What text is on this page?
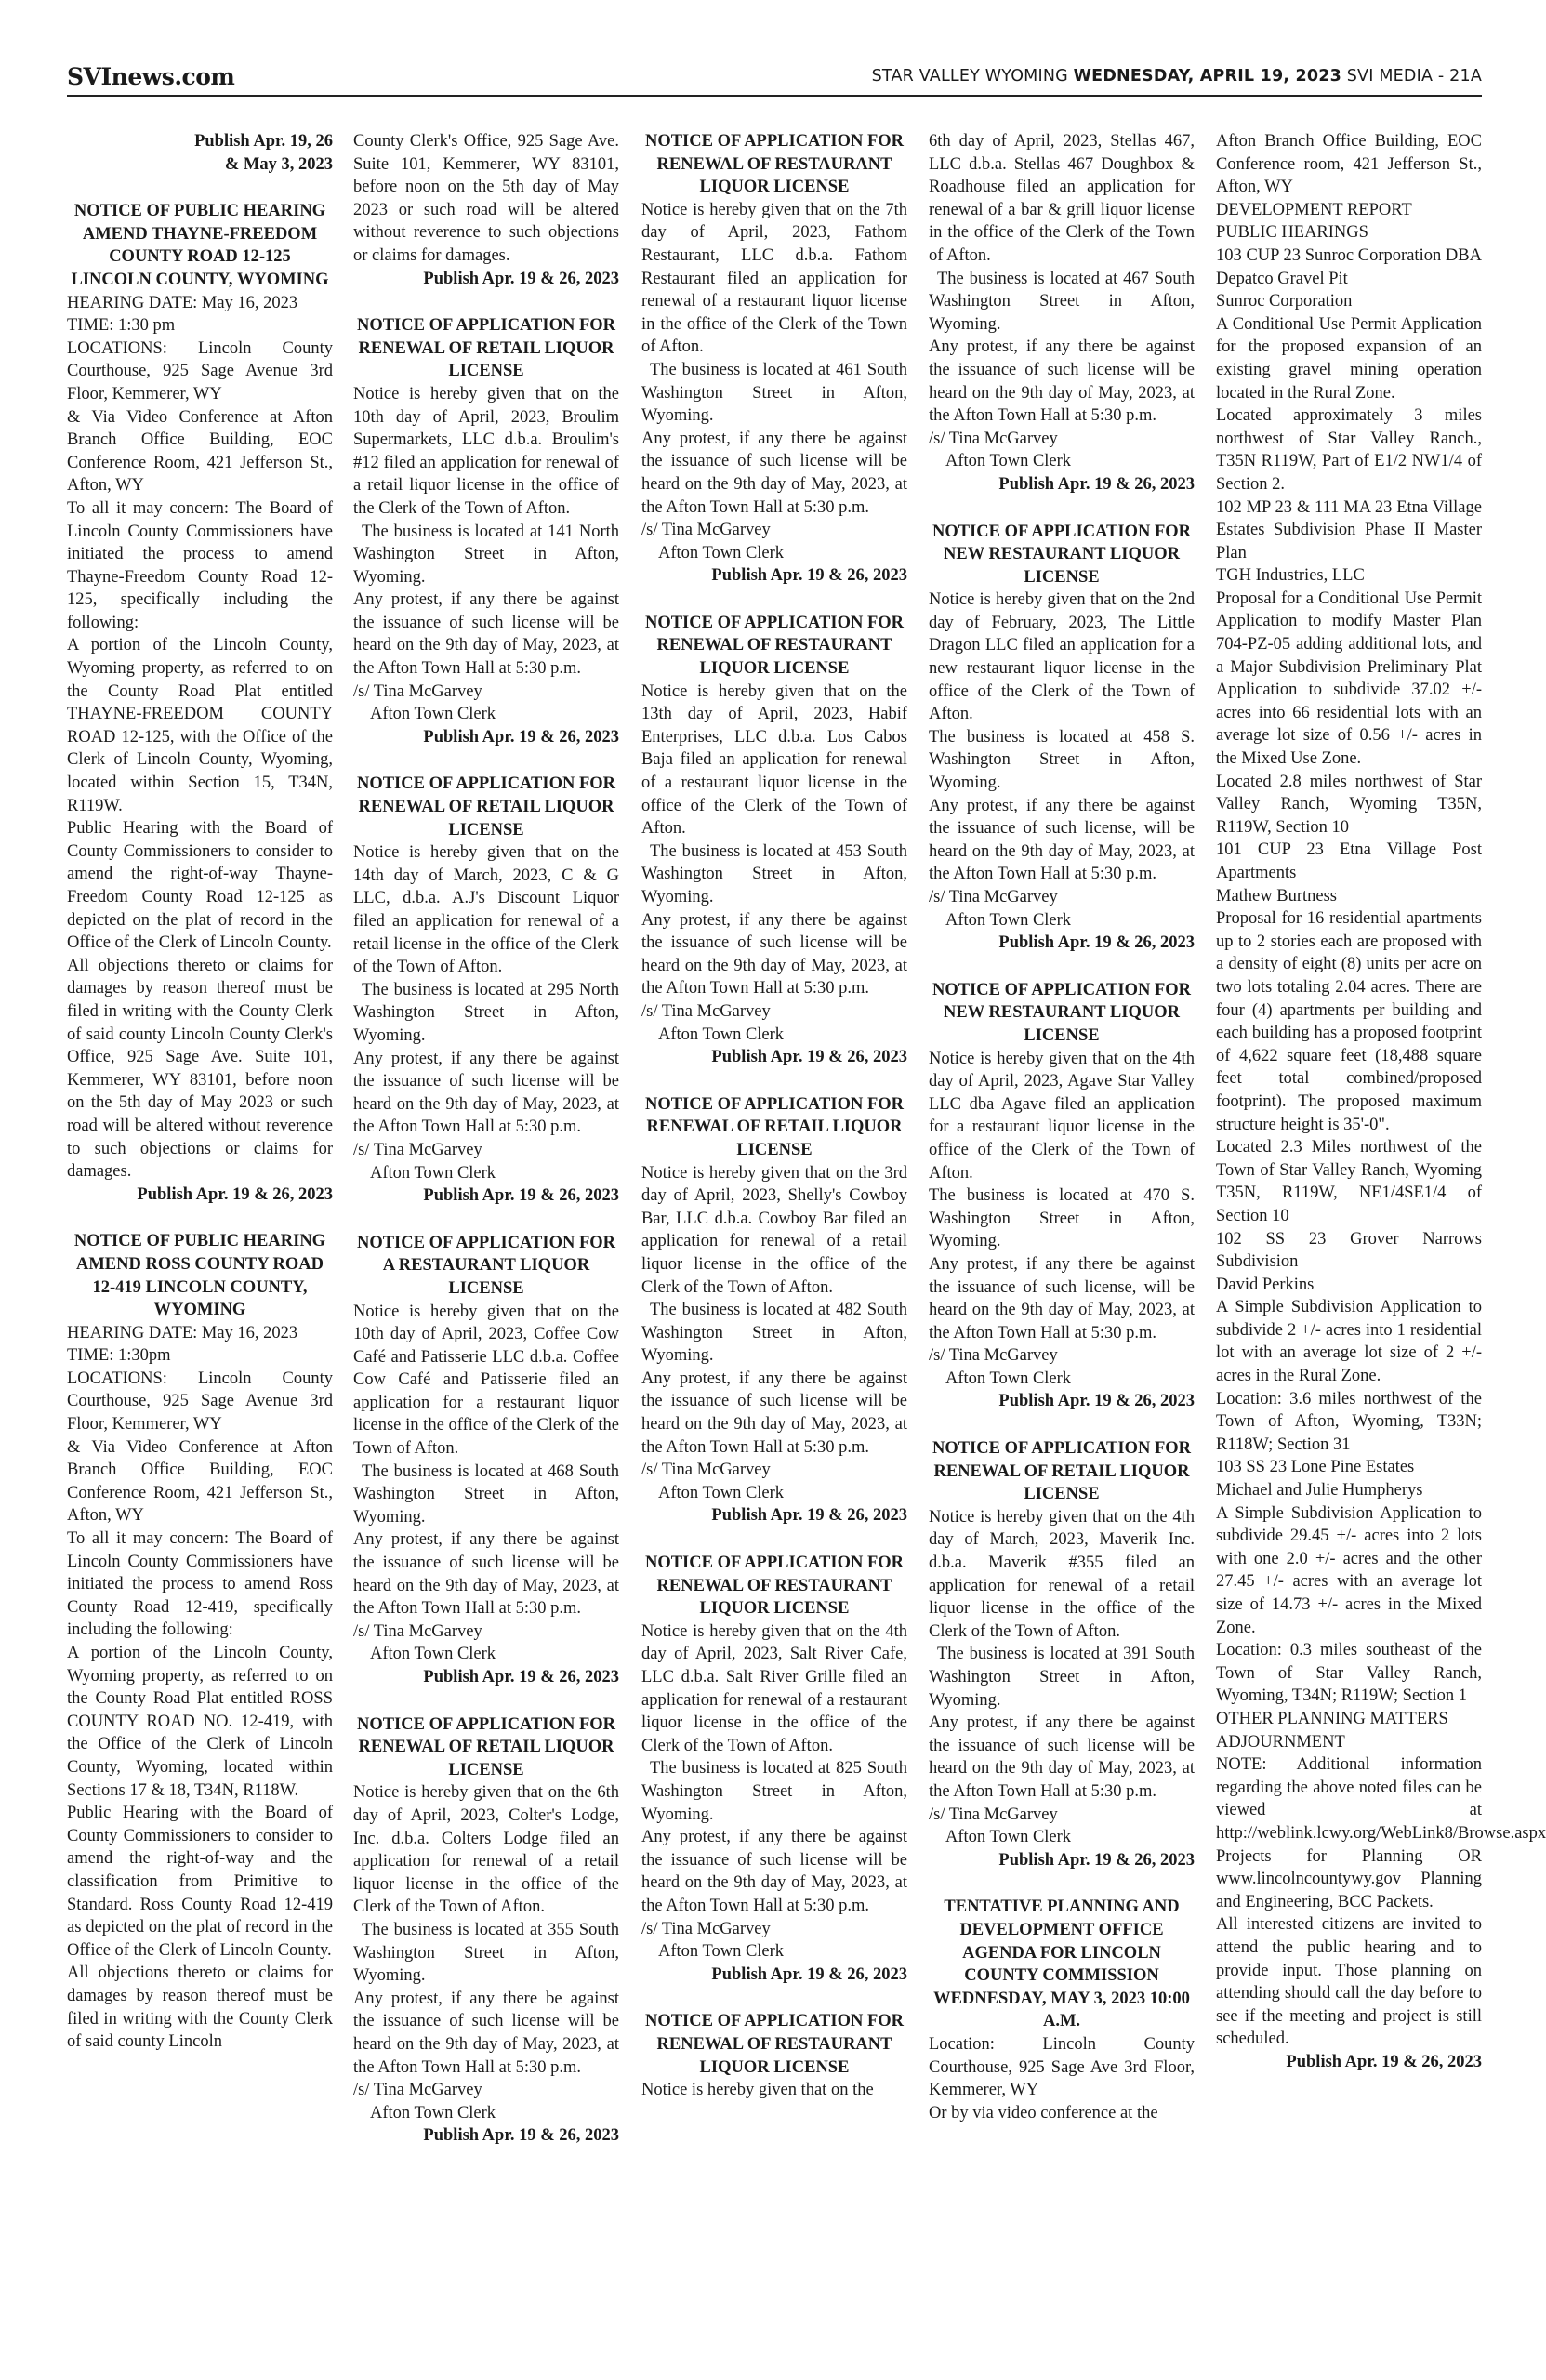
SVInews.com	STAR VALLEY WYOMING WEDNESDAY, APRIL 19, 2023 SVI MEDIA - 21A

Publish Apr. 19, 26

& May 3, 2023

NOTICE OF PUBLIC HEARING AMEND THAYNE-FREEDOM COUNTY ROAD 12-125 LINCOLN COUNTY, WYOMING

HEARING DATE: May 16, 2023

TIME: 1:30 pm

LOCATIONS: Lincoln County Courthouse, 925 Sage Avenue 3rd Floor, Kemmerer, WY

& Via Video Conference at Afton Branch Office Building, EOC Conference Room, 421 Jefferson St., Afton, WY

To all it may concern: The Board of Lincoln County Commissioners have initiated the process to amend Thayne-Freedom County Road 12-125, specifically including the following:

A portion of the Lincoln County, Wyoming property, as referred to on the County Road Plat entitled THAYNE-FREEDOM COUNTY ROAD 12-125, with the Office of the Clerk of Lincoln County, Wyoming, located within Section 15, T34N, R119W.

Public Hearing with the Board of County Commissioners to consider to amend the right-of-way Thayne-Freedom County Road 12-125 as depicted on the plat of record in the Office of the Clerk of Lincoln County.

All objections thereto or claims for damages by reason thereof must be filed in writing with the County Clerk of said county Lincoln County Clerk's Office, 925 Sage Ave. Suite 101, Kemmerer, WY 83101, before noon on the 5th day of May 2023 or such road will be altered without reverence to such objections or claims for damages.

Publish Apr. 19 & 26, 2023

NOTICE OF PUBLIC HEARING AMEND ROSS COUNTY ROAD 12-419 LINCOLN COUNTY, WYOMING

HEARING DATE: May 16, 2023

TIME: 1:30pm

LOCATIONS: Lincoln County Courthouse, 925 Sage Avenue 3rd Floor, Kemmerer, WY

& Via Video Conference at Afton Branch Office Building, EOC Conference Room, 421 Jefferson St., Afton, WY

To all it may concern: The Board of Lincoln County Commissioners have initiated the process to amend Ross County Road 12-419, specifically including the following:

A portion of the Lincoln County, Wyoming property, as referred to on the County Road Plat entitled ROSS COUNTY ROAD NO. 12-419, with the Office of the Clerk of Lincoln County, Wyoming, located within Sections 17 & 18, T34N, R118W.

Public Hearing with the Board of County Commissioners to consider to amend the right-of-way and the classification from Primitive to Standard. Ross County Road 12-419 as depicted on the plat of record in the Office of the Clerk of Lincoln County.

All objections thereto or claims for damages by reason thereof must be filed in writing with the County Clerk of said county Lincoln

County Clerk's Office, 925 Sage Ave. Suite 101, Kemmerer, WY 83101, before noon on the 5th day of May 2023 or such road will be altered without reverence to such objections or claims for damages.

Publish Apr. 19 & 26, 2023

NOTICE OF APPLICATION FOR RENEWAL OF RETAIL LIQUOR LICENSE

Notice is hereby given that on the 10th day of April, 2023, Broulim Supermarkets, LLC d.b.a. Broulim's #12 filed an application for renewal of a retail liquor license in the office of the Clerk of the Town of Afton.

The business is located at 141 North Washington Street in Afton, Wyoming.

Any protest, if any there be against the issuance of such license will be heard on the 9th day of May, 2023, at the Afton Town Hall at 5:30 p.m.

/s/ Tina McGarvey

Afton Town Clerk

Publish Apr. 19 & 26, 2023

NOTICE OF APPLICATION FOR RENEWAL OF RETAIL LIQUOR LICENSE

Notice is hereby given that on the 14th day of March, 2023, C & G LLC, d.b.a. A.J's Discount Liquor filed an application for renewal of a retail license in the office of the Clerk of the Town of Afton.

The business is located at 295 North Washington Street in Afton, Wyoming.

Any protest, if any there be against the issuance of such license will be heard on the 9th day of May, 2023, at the Afton Town Hall at 5:30 p.m.

/s/ Tina McGarvey

Afton Town Clerk

Publish Apr. 19 & 26, 2023

NOTICE OF APPLICATION FOR A RESTAURANT LIQUOR LICENSE

Notice is hereby given that on the 10th day of April, 2023, Coffee Cow Café and Patisserie LLC d.b.a. Coffee Cow Café and Patisserie filed an application for a restaurant liquor license in the office of the Clerk of the Town of Afton.

The business is located at 468 South Washington Street in Afton, Wyoming.

Any protest, if any there be against the issuance of such license will be heard on the 9th day of May, 2023, at the Afton Town Hall at 5:30 p.m.

/s/ Tina McGarvey

Afton Town Clerk

Publish Apr. 19 & 26, 2023

NOTICE OF APPLICATION FOR RENEWAL OF RETAIL LIQUOR LICENSE

Notice is hereby given that on the 6th day of April, 2023, Colter's Lodge, Inc. d.b.a. Colters Lodge filed an application for renewal of a retail liquor license in the office of the Clerk of the Town of Afton.

The business is located at 355 South Washington Street in Afton, Wyoming.

Any protest, if any there be against the issuance of such license will be heard on the 9th day of May, 2023, at the Afton Town Hall at 5:30 p.m.

/s/ Tina McGarvey

Afton Town Clerk

Publish Apr. 19 & 26, 2023

NOTICE OF APPLICATION FOR RENEWAL OF RESTAURANT LIQUOR LICENSE

Notice is hereby given that on the 7th day of April, 2023, Fathom Restaurant, LLC d.b.a. Fathom Restaurant filed an application for renewal of a restaurant liquor license in the office of the Clerk of the Town of Afton.

The business is located at 461 South Washington Street in Afton, Wyoming.

Any protest, if any there be against the issuance of such license will be heard on the 9th day of May, 2023, at the Afton Town Hall at 5:30 p.m.

/s/ Tina McGarvey

Afton Town Clerk

Publish Apr. 19 & 26, 2023

NOTICE OF APPLICATION FOR RENEWAL OF RESTAURANT LIQUOR LICENSE

Notice is hereby given that on the 13th day of April, 2023, Habif Enterprises, LLC d.b.a. Los Cabos Baja filed an application for renewal of a restaurant liquor license in the office of the Clerk of the Town of Afton.

The business is located at 453 South Washington Street in Afton, Wyoming.

Any protest, if any there be against the issuance of such license will be heard on the 9th day of May, 2023, at the Afton Town Hall at 5:30 p.m.

/s/ Tina McGarvey

Afton Town Clerk

Publish Apr. 19 & 26, 2023

NOTICE OF APPLICATION FOR RENEWAL OF RETAIL LIQUOR LICENSE

Notice is hereby given that on the 3rd day of April, 2023, Shelly's Cowboy Bar, LLC d.b.a. Cowboy Bar filed an application for renewal of a retail liquor license in the office of the Clerk of the Town of Afton.

The business is located at 482 South Washington Street in Afton, Wyoming.

Any protest, if any there be against the issuance of such license will be heard on the 9th day of May, 2023, at the Afton Town Hall at 5:30 p.m.

/s/ Tina McGarvey

Afton Town Clerk

Publish Apr. 19 & 26, 2023

NOTICE OF APPLICATION FOR RENEWAL OF RESTAURANT LIQUOR LICENSE

Notice is hereby given that on the 4th day of April, 2023, Salt River Cafe, LLC d.b.a. Salt River Grille filed an application for renewal of a restaurant liquor license in the office of the Clerk of the Town of Afton.

The business is located at 825 South Washington Street in Afton, Wyoming.

Any protest, if any there be against the issuance of such license will be heard on the 9th day of May, 2023, at the Afton Town Hall at 5:30 p.m.

/s/ Tina McGarvey

Afton Town Clerk

Publish Apr. 19 & 26, 2023

NOTICE OF APPLICATION FOR RENEWAL OF RESTAURANT LIQUOR LICENSE

Notice is hereby given that on the

6th day of April, 2023, Stellas 467, LLC d.b.a. Stellas 467 Doughbox & Roadhouse filed an application for renewal of a bar & grill liquor license in the office of the Clerk of the Town of Afton.

The business is located at 467 South Washington Street in Afton, Wyoming.

Any protest, if any there be against the issuance of such license will be heard on the 9th day of May, 2023, at the Afton Town Hall at 5:30 p.m.

/s/ Tina McGarvey

Afton Town Clerk

Publish Apr. 19 & 26, 2023

NOTICE OF APPLICATION FOR NEW RESTAURANT LIQUOR LICENSE

Notice is hereby given that on the 2nd day of February, 2023, The Little Dragon LLC filed an application for a new restaurant liquor license in the office of the Clerk of the Town of Afton.

The business is located at 458 S. Washington Street in Afton, Wyoming.

Any protest, if any there be against the issuance of such license, will be heard on the 9th day of May, 2023, at the Afton Town Hall at 5:30 p.m.

/s/ Tina McGarvey

Afton Town Clerk

Publish Apr. 19 & 26, 2023

NOTICE OF APPLICATION FOR NEW RESTAURANT LIQUOR LICENSE

Notice is hereby given that on the 4th day of April, 2023, Agave Star Valley LLC dba Agave filed an application for a restaurant liquor license in the office of the Clerk of the Town of Afton.

The business is located at 470 S. Washington Street in Afton, Wyoming.

Any protest, if any there be against the issuance of such license, will be heard on the 9th day of May, 2023, at the Afton Town Hall at 5:30 p.m.

/s/ Tina McGarvey

Afton Town Clerk

Publish Apr. 19 & 26, 2023

NOTICE OF APPLICATION FOR RENEWAL OF RETAIL LIQUOR LICENSE

Notice is hereby given that on the 4th day of March, 2023, Maverik Inc. d.b.a. Maverik #355 filed an application for renewal of a retail liquor license in the office of the Clerk of the Town of Afton.

The business is located at 391 South Washington Street in Afton, Wyoming.

Any protest, if any there be against the issuance of such license will be heard on the 9th day of May, 2023, at the Afton Town Hall at 5:30 p.m.

/s/ Tina McGarvey

Afton Town Clerk

Publish Apr. 19 & 26, 2023

TENTATIVE PLANNING AND DEVELOPMENT OFFICE AGENDA FOR LINCOLN COUNTY COMMISSION WEDNESDAY, MAY 3, 2023 10:00 A.M.

Location: Lincoln County Courthouse, 925 Sage Ave 3rd Floor, Kemmerer, WY

Or by via video conference at the

Afton Branch Office Building, EOC Conference room, 421 Jefferson St., Afton, WY

DEVELOPMENT REPORT

PUBLIC HEARINGS

103 CUP 23 Sunroc Corporation DBA Depatco Gravel Pit

Sunroc Corporation

A Conditional Use Permit Application for the proposed expansion of an existing gravel mining operation located in the Rural Zone.

Located approximately 3 miles northwest of Star Valley Ranch., T35N R119W, Part of E1/2 NW1/4 of Section 2.

102 MP 23 & 111 MA 23 Etna Village Estates Subdivision Phase II Master Plan

TGH Industries, LLC

Proposal for a Conditional Use Permit Application to modify Master Plan 704-PZ-05 adding additional lots, and a Major Subdivision Preliminary Plat Application to subdivide 37.02 +/- acres into 66 residential lots with an average lot size of 0.56 +/- acres in the Mixed Use Zone.

Located 2.8 miles northwest of Star Valley Ranch, Wyoming T35N, R119W, Section 10

101 CUP 23 Etna Village Post Apartments

Mathew Burtness

Proposal for 16 residential apartments up to 2 stories each are proposed with a density of eight (8) units per acre on two lots totaling 2.04 acres. There are four (4) apartments per building and each building has a proposed footprint of 4,622 square feet (18,488 square feet total combined/proposed footprint). The proposed maximum structure height is 35'-0".

Located 2.3 Miles northwest of the Town of Star Valley Ranch, Wyoming T35N, R119W, NE1/4SE1/4 of Section 10

102 SS 23 Grover Narrows Subdivision

David Perkins

A Simple Subdivision Application to subdivide 2 +/- acres into 1 residential lot with an average lot size of 2 +/- acres in the Rural Zone.

Location: 3.6 miles northwest of the Town of Afton, Wyoming, T33N; R118W; Section 31

103 SS 23 Lone Pine Estates

Michael and Julie Humpherys

A Simple Subdivision Application to subdivide 29.45 +/- acres into 2 lots with one 2.0 +/- acres and the other 27.45 +/- acres with an average lot size of 14.73 +/- acres in the Mixed Zone.

Location: 0.3 miles southeast of the Town of Star Valley Ranch, Wyoming, T34N; R119W; Section 1

OTHER PLANNING MATTERS

ADJOURNMENT

NOTE: Additional information regarding the above noted files can be viewed at http://weblink.lcwy.org/WebLink8/Browse.aspx Projects for Planning OR www.lincolncountywy.gov Planning and Engineering, BCC Packets.

All interested citizens are invited to attend the public hearing and to provide input. Those planning on attending should call the day before to see if the meeting and project is still scheduled.

Publish Apr. 19 & 26, 2023
